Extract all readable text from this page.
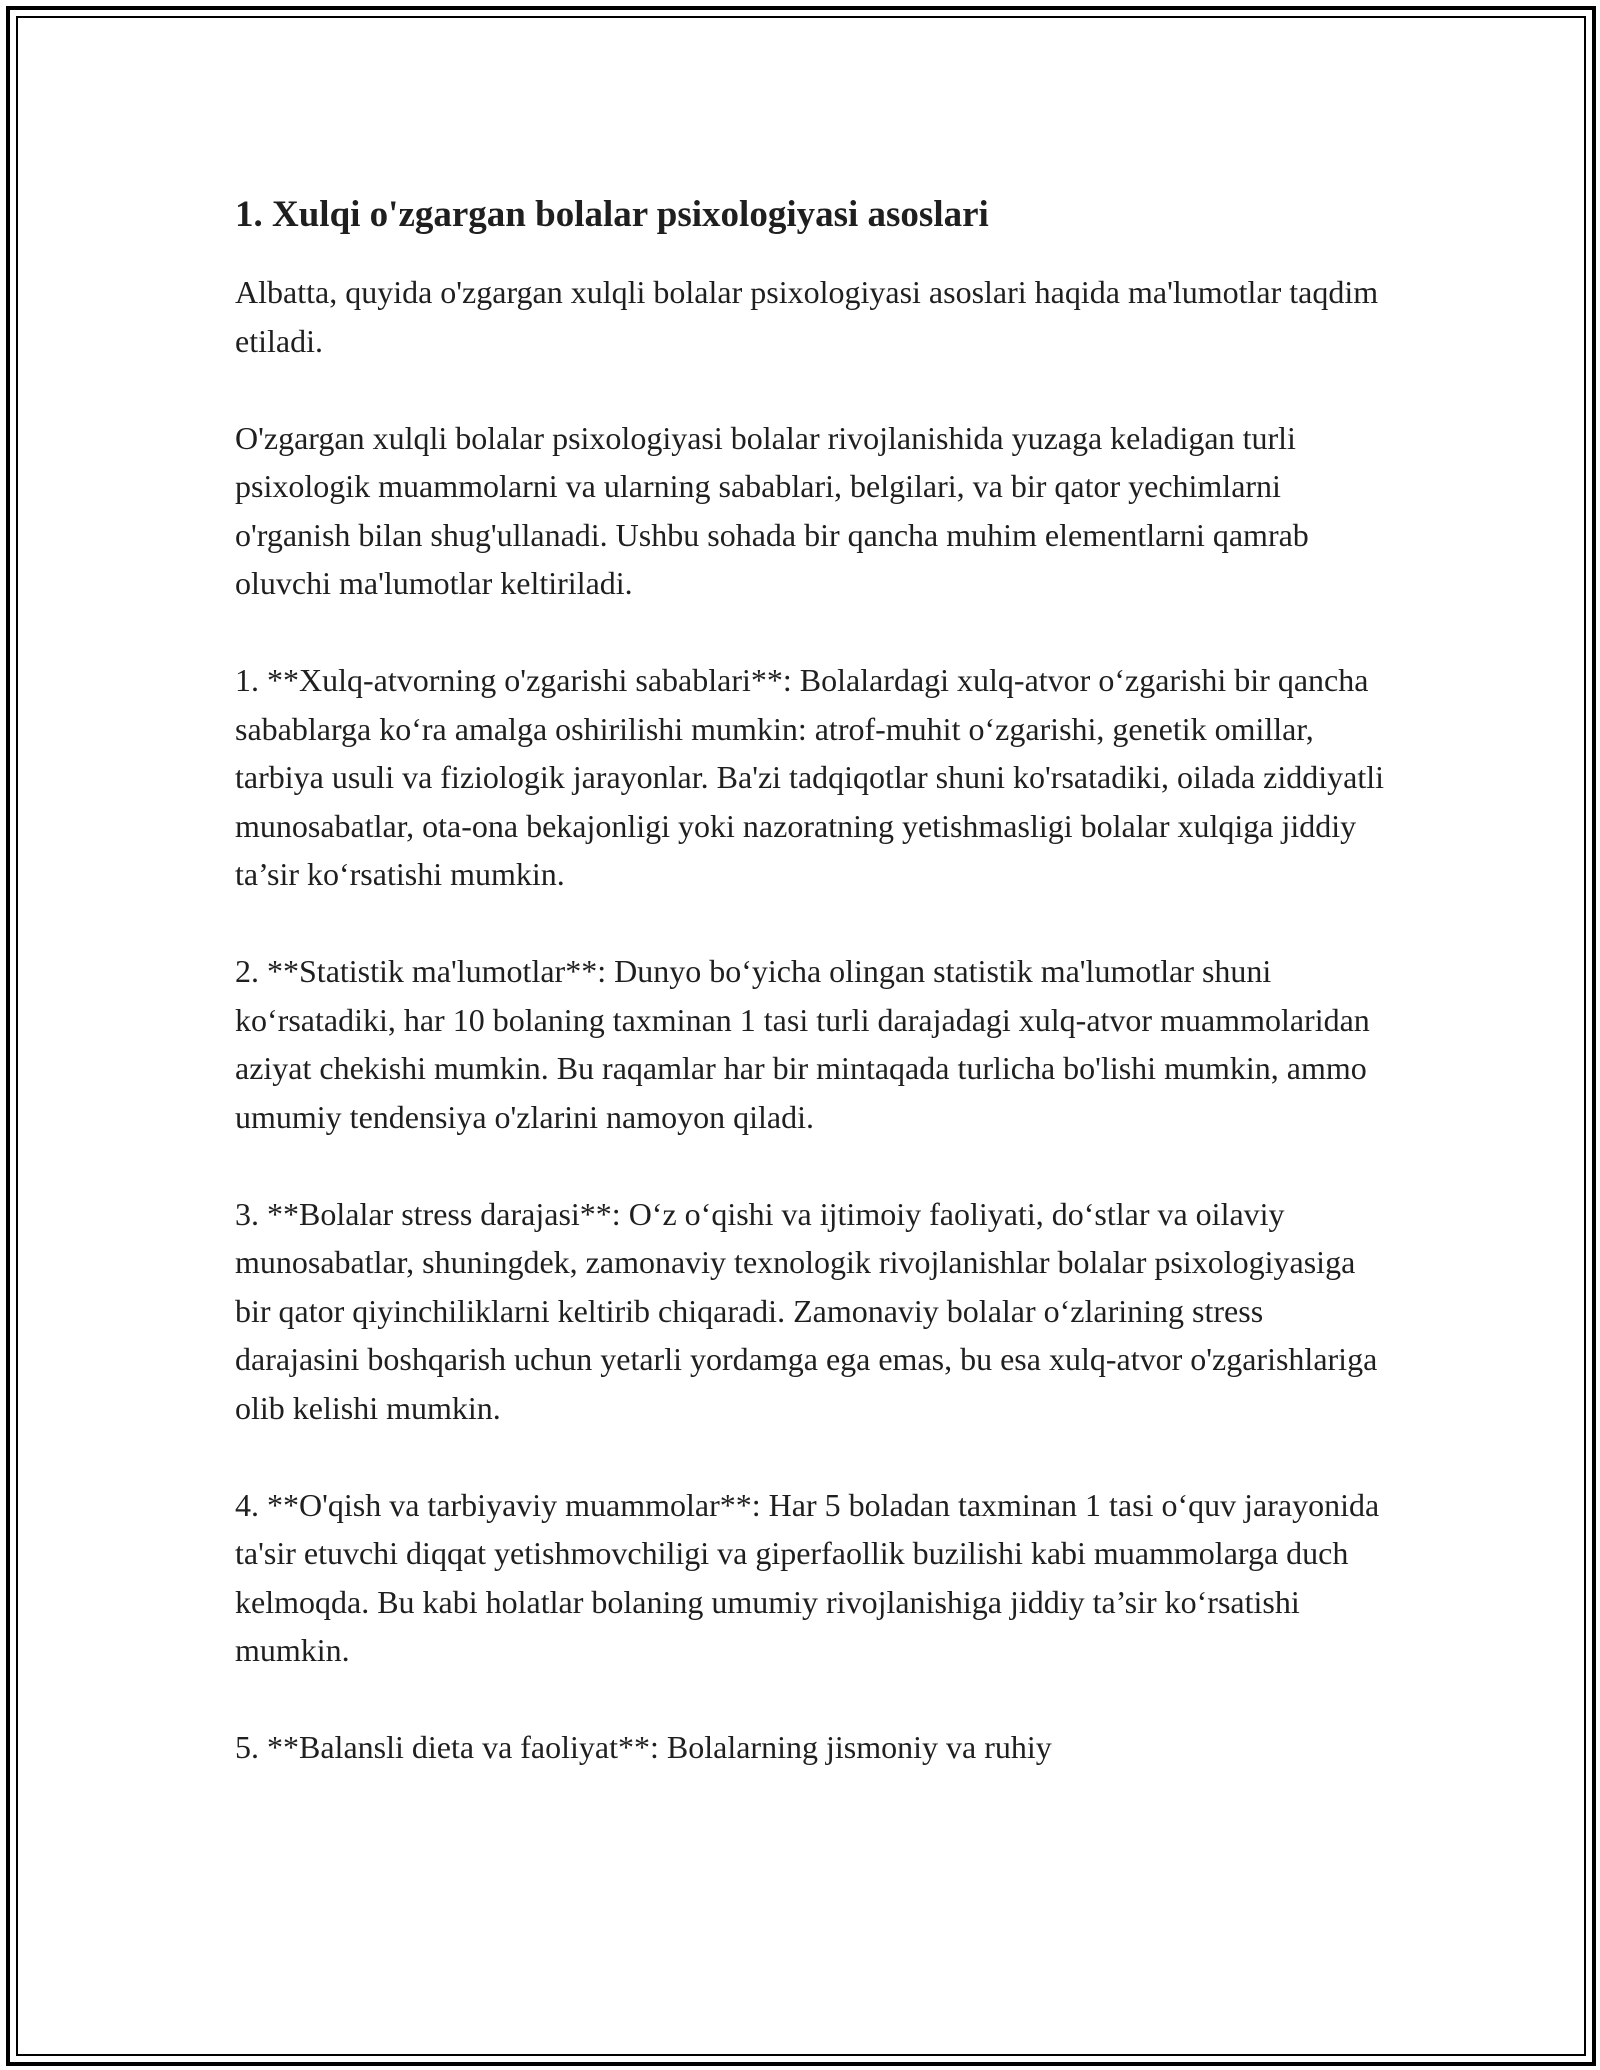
1. Xulqi o'zgargan bolalar psixologiyasi asoslari
Albatta, quyida o'zgargan xulqli bolalar psixologiyasi asoslari haqida ma'lumotlar taqdim etiladi.
O'zgargan xulqli bolalar psixologiyasi bolalar rivojlanishida yuzaga keladigan turli psixologik muammolarni va ularning sabablari, belgilari, va bir qator yechimlarni o'rganish bilan shug'ullanadi. Ushbu sohada bir qancha muhim elementlarni qamrab oluvchi ma'lumotlar keltiriladi.
1. **Xulq-atvorning o'zgarishi sabablari**: Bolalardagi xulq-atvor o‘zgarishi bir qancha sabablarga ko‘ra amalga oshirilishi mumkin: atrof-muhit o‘zgarishi, genetik omillar, tarbiya usuli va fiziologik jarayonlar. Ba'zi tadqiqotlar shuni ko'rsatadiki, oilada ziddiyatli munosabatlar, ota-ona bekajonligi yoki nazoratning yetishmasligi bolalar xulqiga jiddiy ta’sir ko‘rsatishi mumkin.
2. **Statistik ma'lumotlar**: Dunyo bo‘yicha olingan statistik ma'lumotlar shuni ko‘rsatadiki, har 10 bolaning taxminan 1 tasi turli darajadagi xulq-atvor muammolaridan aziyat chekishi mumkin. Bu raqamlar har bir mintaqada turlicha bo'lishi mumkin, ammo umumiy tendensiya o'zlarini namoyon qiladi.
3. **Bolalar stress darajasi**: O‘z o‘qishi va ijtimoiy faoliyati, do‘stlar va oilaviy munosabatlar, shuningdek, zamonaviy texnologik rivojlanishlar bolalar psixologiyasiga bir qator qiyinchiliklarni keltirib chiqaradi. Zamonaviy bolalar o‘zlarining stress darajasini boshqarish uchun yetarli yordamga ega emas, bu esa xulq-atvor o'zgarishlariga olib kelishi mumkin.
4. **O'qish va tarbiyaviy muammolar**: Har 5 boladan taxminan 1 tasi o‘quv jarayonida ta'sir etuvchi diqqat yetishmovchiligi va giperfaollik buzilishi kabi muammolarga duch kelmoqda. Bu kabi holatlar bolaning umumiy rivojlanishiga jiddiy ta’sir ko‘rsatishi mumkin.
5. **Balansli dieta va faoliyat**: Bolalarning jismoniy va ruhiy
